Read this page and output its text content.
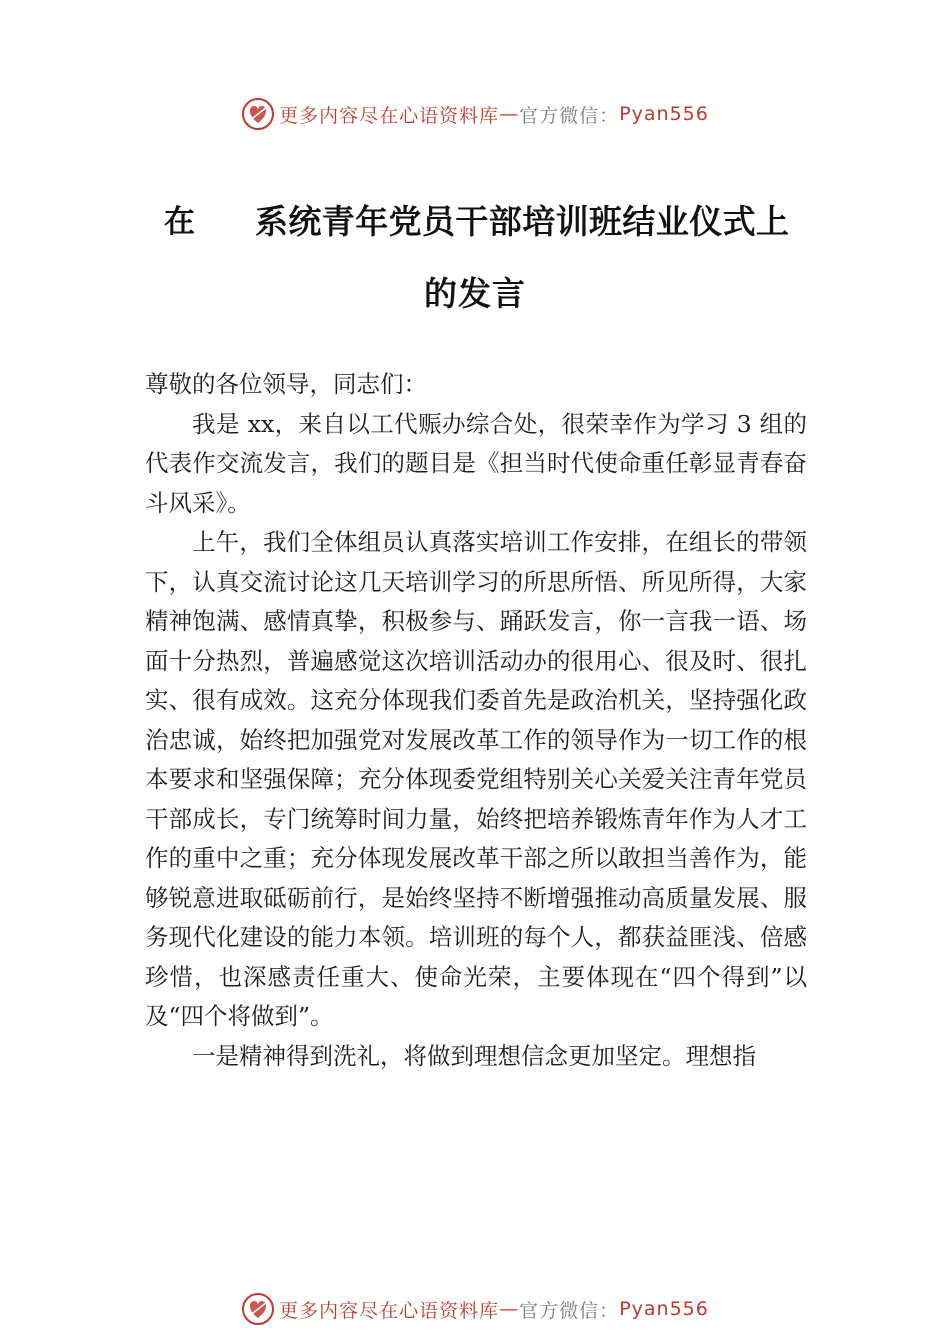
更多内容尽在心语资料库 — 官方微信： Pyan556
在 系统青年党员干部培训班结业仪式上
的发言

尊敬的各位领导，同志们：

我是 xx，来自以工代赈办综合处，很荣幸作为学习 3 组的代表作交流发言，我们的题目是《担当时代使命重任彰显青春奋斗风采》。

上午，我们全体组员认真落实培训工作安排，在组长的带领下，认真交流讨论这几天培训学习的所思所悟、所见所得，大家精神饱满、感情真挚，积极参与、踊跃发言，你一言我一语、场面十分热烈，普遍感觉这次培训活动办的很用心、很及时、很扎实、很有成效。这充分体现我们委首先是政治机关，坚持强化政治忠诚，始终把加强党对发展改革工作的领导作为一切工作的根本要求和坚强保障；充分体现委党组特别关心关爱关注青年党员干部成长，专门统筹时间力量，始终把培养锻炼青年作为人才工作的重中之重；充分体现发展改革干部之所以敢担当善作为，能够锐意进取砥砺前行，是始终坚持不断增强推动高质量发展、服务现代化建设的能力本领。培训班的每个人，都获益匪浅、倍感珍惜，也深感责任重大、使命光荣，主要体现在“四个得到”以及“四个将做到”。

一是精神得到洗礼，将做到理想信念更加坚定。理想指

更多内容尽在心语资料库 — 官方微信： Pyan556
